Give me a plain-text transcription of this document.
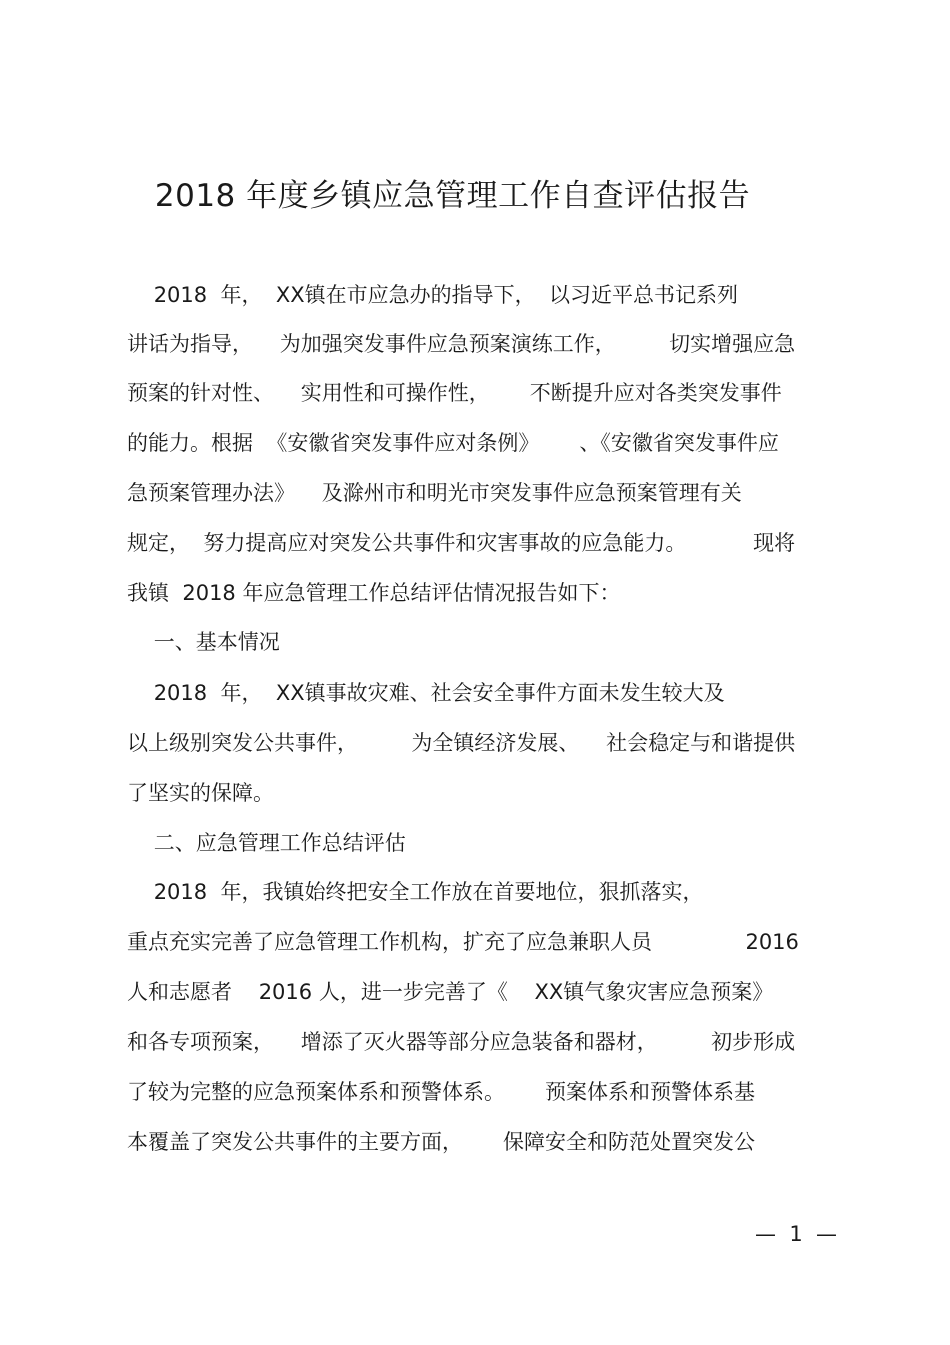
2018 年度乡镇应急管理工作自查评估报告
2018  年，  XX镇在市应急办的指导下，  以习近平总书记系列
讲话为指导，    为加强突发事件应急预案演练工作，        切实增强应急
预案的针对性、    实用性和可操作性，      不断提升应对各类突发事件
的能力。根据  《安徽省突发事件应对条例》      、《安徽省突发事件应
急预案管理办法》    及滁州市和明光市突发事件应急预案管理有关
规定，  努力提高应对突发公共事件和灾害事故的应急能力。          现将
我镇  2018 年应急管理工作总结评估情况报告如下：
一、基本情况
2018  年，  XX镇事故灾难、社会安全事件方面未发生较大及
以上级别突发公共事件，        为全镇经济发展、    社会稳定与和谐提供
了坚实的保障。
二、应急管理工作总结评估
2018  年，我镇始终把安全工作放在首要地位，狠抓落实，
重点充实完善了应急管理工作机构，扩充了应急兼职人员              2016
人和志愿者    2016 人，进一步完善了《    XX镇气象灾害应急预案》
和各专项预案，    增添了灭火器等部分应急装备和器材，        初步形成
了较为完整的应急预案体系和预警体系。      预案体系和预警体系基
本覆盖了突发公共事件的主要方面，      保障安全和防范处置突发公
—  1  —
